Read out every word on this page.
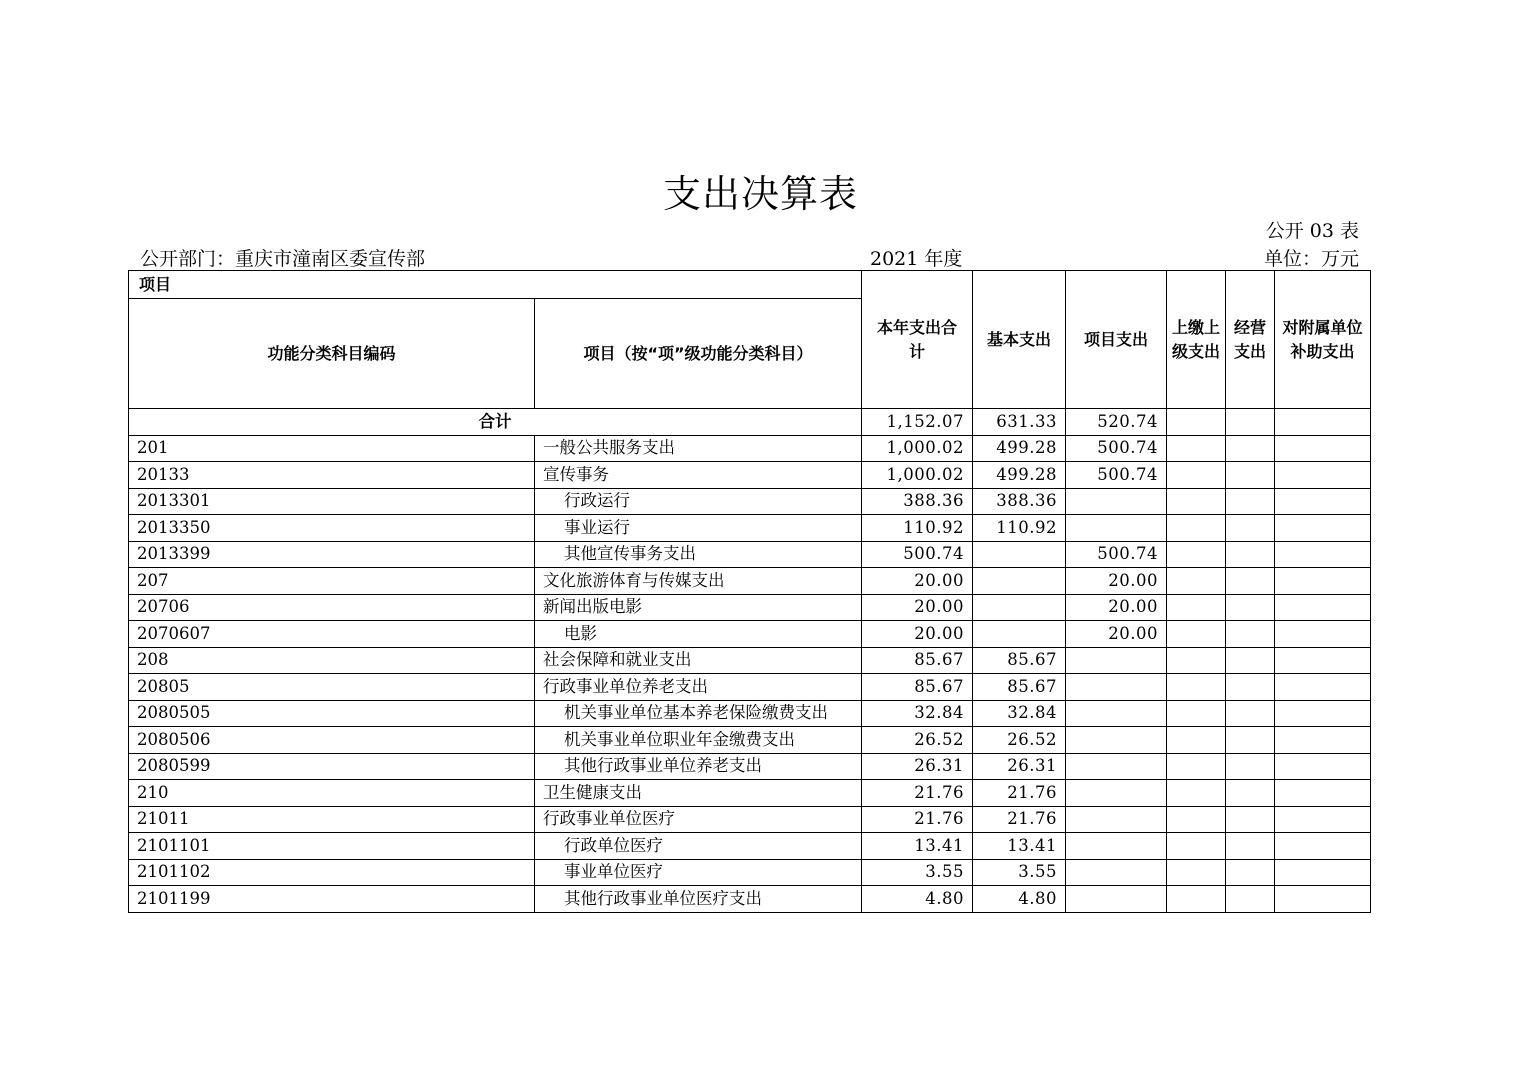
支出决算表
公开 03 表
公开部门：重庆市潼南区委宣传部	2021 年度	单位：万元
项目		本年支出合计	基本支出	项目支出	上缴上级支出	经营支出	对附属单位补助支出
功能分类科目编码	项目（按“项”级功能分类科目）						
合计		1,152.07	631.33	520.74			
201	一般公共服务支出	1,000.02	499.28	500.74			
20133	宣传事务	1,000.02	499.28	500.74			
2013301	行政运行	388.36	388.36				
2013350	事业运行	110.92	110.92				
2013399	其他宣传事务支出	500.74		500.74			
207	文化旅游体育与传媒支出	20.00		20.00			
20706	新闻出版电影	20.00		20.00			
2070607	电影	20.00		20.00			
208	社会保障和就业支出	85.67	85.67				
20805	行政事业单位养老支出	85.67	85.67				
2080505	机关事业单位基本养老保险缴费支出	32.84	32.84				
2080506	机关事业单位职业年金缴费支出	26.52	26.52				
2080599	其他行政事业单位养老支出	26.31	26.31				
210	卫生健康支出	21.76	21.76				
21011	行政事业单位医疗	21.76	21.76				
2101101	行政单位医疗	13.41	13.41				
2101102	事业单位医疗	3.55	3.55				
2101199	其他行政事业单位医疗支出	4.80	4.80				
